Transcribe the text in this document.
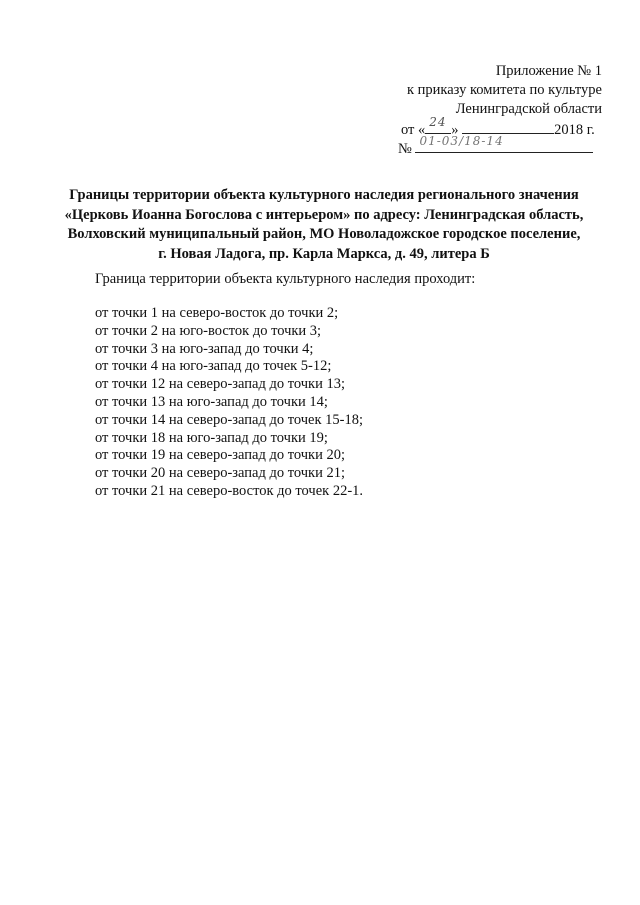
Приложение № 1
к приказу комитета по культуре
Ленинградской области
от « 24 »	2018 г.
№ 01-03/18-14
Границы территории объекта культурного наследия регионального значения
«Церковь Иоанна Богослова с интерьером» по адресу: Ленинградская область,
Волховский муниципальный район, МО Новоладожское городское поселение,
г. Новая Ладога, пр. Карла Маркса, д. 49, литера Б
Граница территории объекта культурного наследия проходит:
от точки 1 на северо-восток до точки 2;
от точки 2 на юго-восток до точки 3;
от точки 3 на юго-запад до точки 4;
от точки 4 на юго-запад до точек 5-12;
от точки 12 на северо-запад до точки 13;
от точки 13 на юго-запад до точки 14;
от точки 14 на северо-запад до точек 15-18;
от точки 18 на юго-запад до точки 19;
от точки 19 на северо-запад до точки 20;
от точки 20 на северо-запад до точки 21;
от точки 21 на северо-восток до точек 22-1.
